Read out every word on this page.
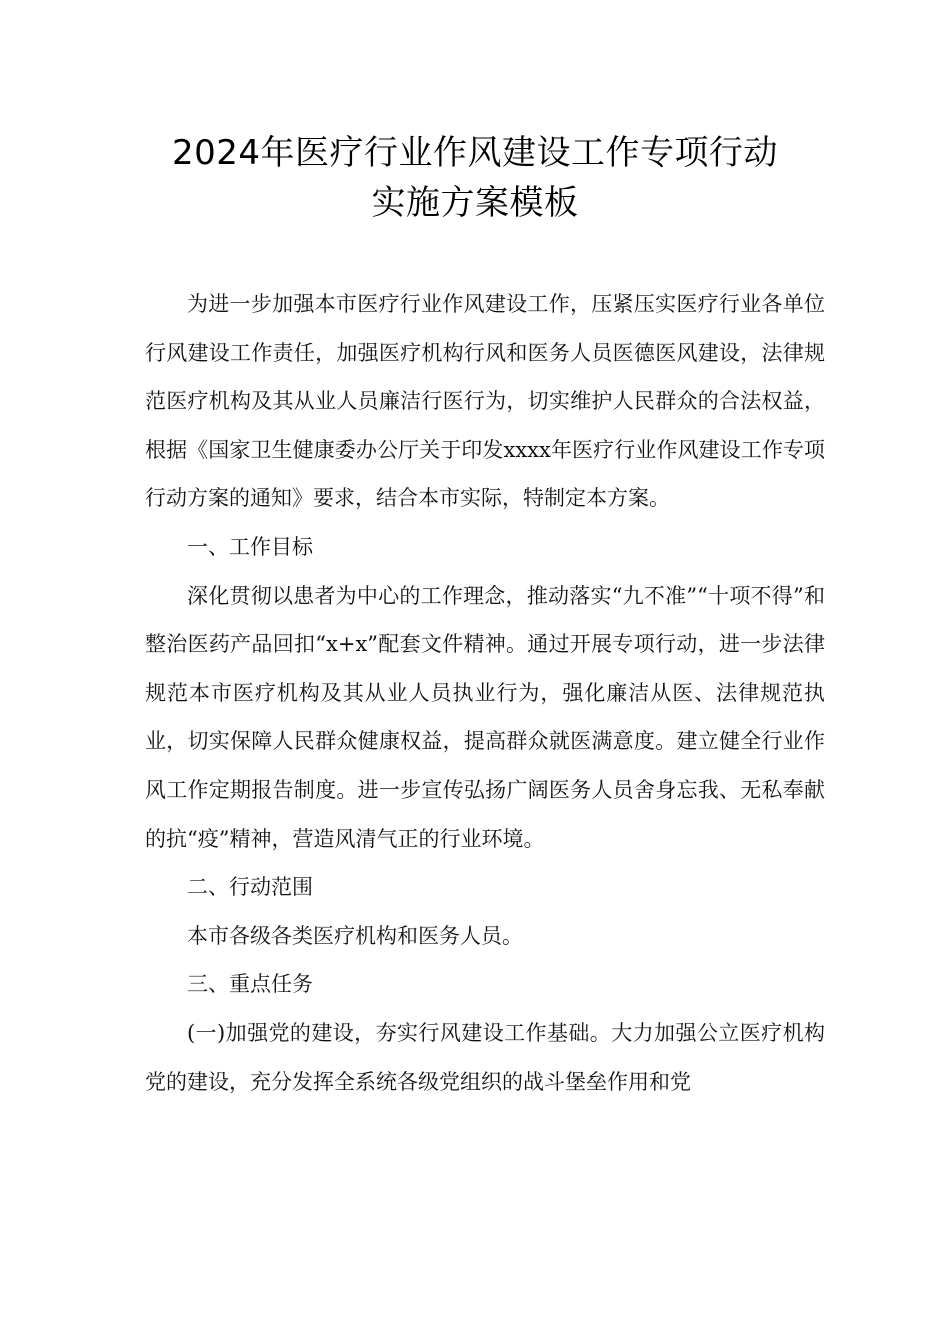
2024年医疗行业作风建设工作专项行动
实施方案模板

为进一步加强本市医疗行业作风建设工作，压紧压实医疗行业各单位行风建设工作责任，加强医疗机构行风和医务人员医德医风建设，法律规范医疗机构及其从业人员廉洁行医行为，切实维护人民群众的合法权益，根据《国家卫生健康委办公厅关于印发xxxx年医疗行业作风建设工作专项行动方案的通知》要求，结合本市实际，特制定本方案。

一、工作目标

深化贯彻以患者为中心的工作理念，推动落实“九不准”“十项不得”和整治医药产品回扣“x+x”配套文件精神。通过开展专项行动，进一步法律规范本市医疗机构及其从业人员执业行为，强化廉洁从医、法律规范执业，切实保障人民群众健康权益，提高群众就医满意度。建立健全行业作风工作定期报告制度。进一步宣传弘扬广阔医务人员舍身忘我、无私奉献的抗“疫”精神，营造风清气正的行业环境。

二、行动范围

本市各级各类医疗机构和医务人员。

三、重点任务

(一)加强党的建设，夯实行风建设工作基础。大力加强公立医疗机构党的建设，充分发挥全系统各级党组织的战斗堡垒作用和党
